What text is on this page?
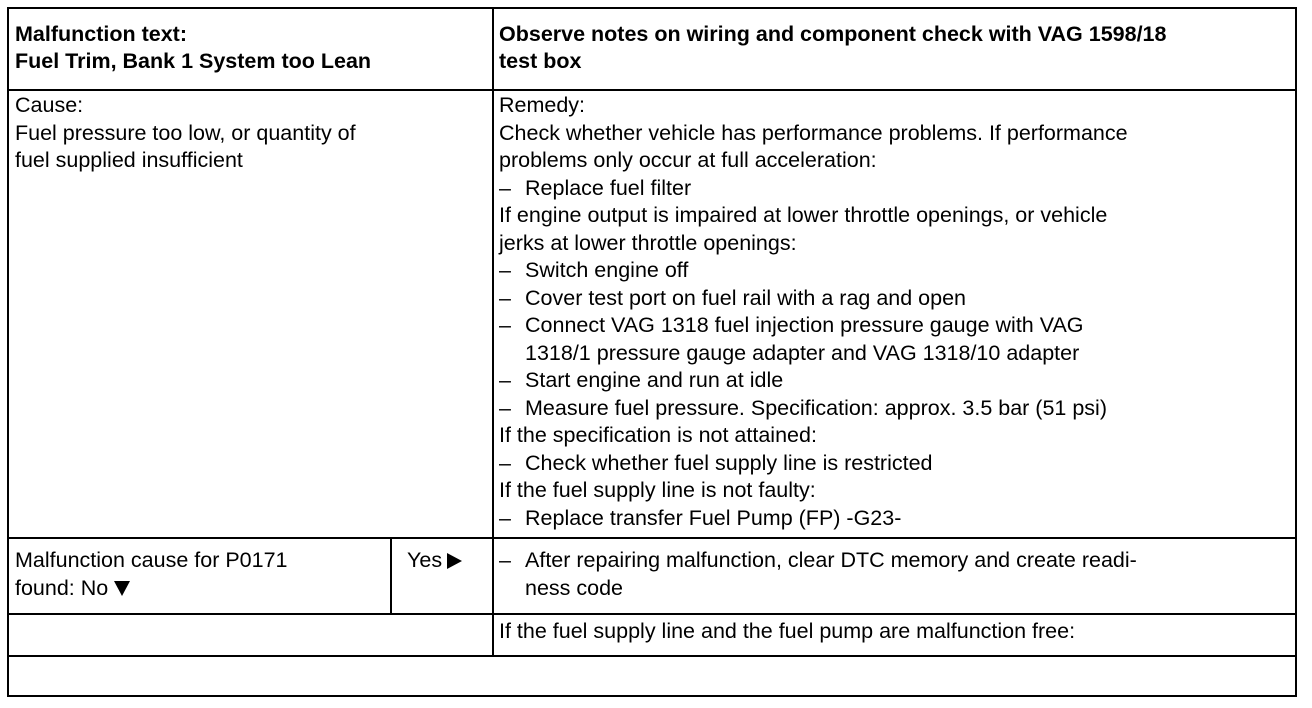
Malfunction text:
Fuel Trim, Bank 1 System too Lean
Observe notes on wiring and component check with VAG 1598/18
test box
Cause:
Fuel pressure too low, or quantity of
fuel supplied insufficient
Remedy:
Check whether vehicle has performance problems. If performance
problems only occur at full acceleration:
– Replace fuel filter
If engine output is impaired at lower throttle openings, or vehicle
jerks at lower throttle openings:
– Switch engine off
– Cover test port on fuel rail with a rag and open
– Connect VAG 1318 fuel injection pressure gauge with VAG
1318/1 pressure gauge adapter and VAG 1318/10 adapter
– Start engine and run at idle
– Measure fuel pressure. Specification: approx. 3.5 bar (51 psi)
If the specification is not attained:
– Check whether fuel supply line is restricted
If the fuel supply line is not faulty:
– Replace transfer Fuel Pump (FP) -G23-
Malfunction cause for P0171
found: No
Yes	– After repairing malfunction, clear DTC memory and create readi-
ness code
If the fuel supply line and the fuel pump are malfunction free:
